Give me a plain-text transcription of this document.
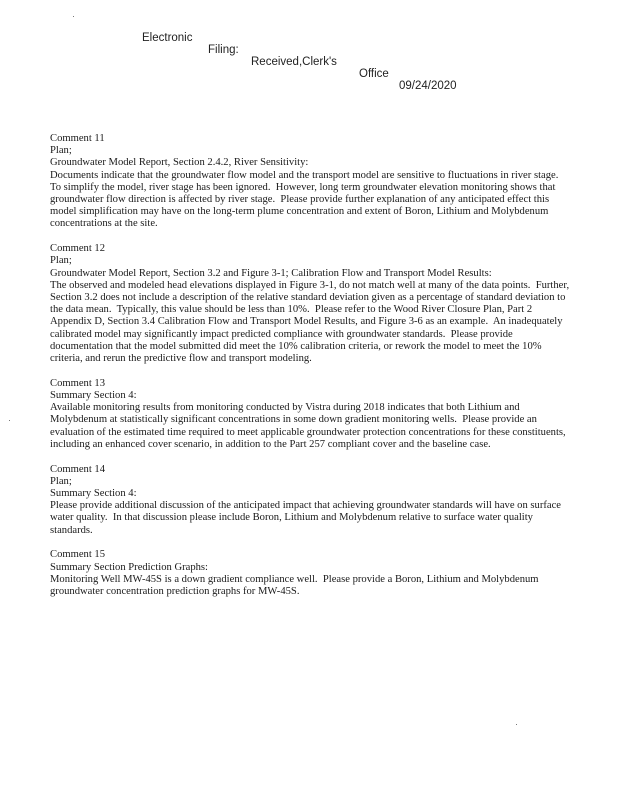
Electronic

Filing:

Received,Clerk's

Office

09/24/2020

Comment 11
Plan;
Groundwater Model Report, Section 2.4.2, River Sensitivity:
Documents indicate that the groundwater flow model and the transport model are sensitive to fluctuations in river stage.  To simplify the model, river stage has been ignored.  However, long term groundwater elevation monitoring shows that groundwater flow direction is affected by river stage.  Please provide further explanation of any anticipated effect this model simplification may have on the long-term plume concentration and extent of Boron, Lithium and Molybdenum concentrations at the site.
Comment 12
Plan;
Groundwater Model Report, Section 3.2 and Figure 3-1; Calibration Flow and Transport Model Results:
The observed and modeled head elevations displayed in Figure 3-1, do not match well at many of the data points.  Further, Section 3.2 does not include a description of the relative standard deviation given as a percentage of standard deviation to the data mean.  Typically, this value should be less than 10%.  Please refer to the Wood River Closure Plan, Part 2 Appendix D, Section 3.4 Calibration Flow and Transport Model Results, and Figure 3-6 as an example.  An inadequately calibrated model may significantly impact predicted compliance with groundwater standards.  Please provide documentation that the model submitted did meet the 10% calibration criteria, or rework the model to meet the 10% criteria, and rerun the predictive flow and transport modeling.
Comment 13
Summary Section 4:
Available monitoring results from monitoring conducted by Vistra during 2018 indicates that both Lithium and Molybdenum at statistically significant concentrations in some down gradient monitoring wells.  Please provide an evaluation of the estimated time required to meet applicable groundwater protection concentrations for these constituents, including an enhanced cover scenario, in addition to the Part 257 compliant cover and the baseline case.
Comment 14
Plan;
Summary Section 4:
Please provide additional discussion of the anticipated impact that achieving groundwater standards will have on surface water quality.  In that discussion please include Boron, Lithium and Molybdenum relative to surface water quality standards.
Comment 15
Summary Section Prediction Graphs:
Monitoring Well MW-45S is a down gradient compliance well.  Please provide a Boron, Lithium and Molybdenum groundwater concentration prediction graphs for MW-45S.
